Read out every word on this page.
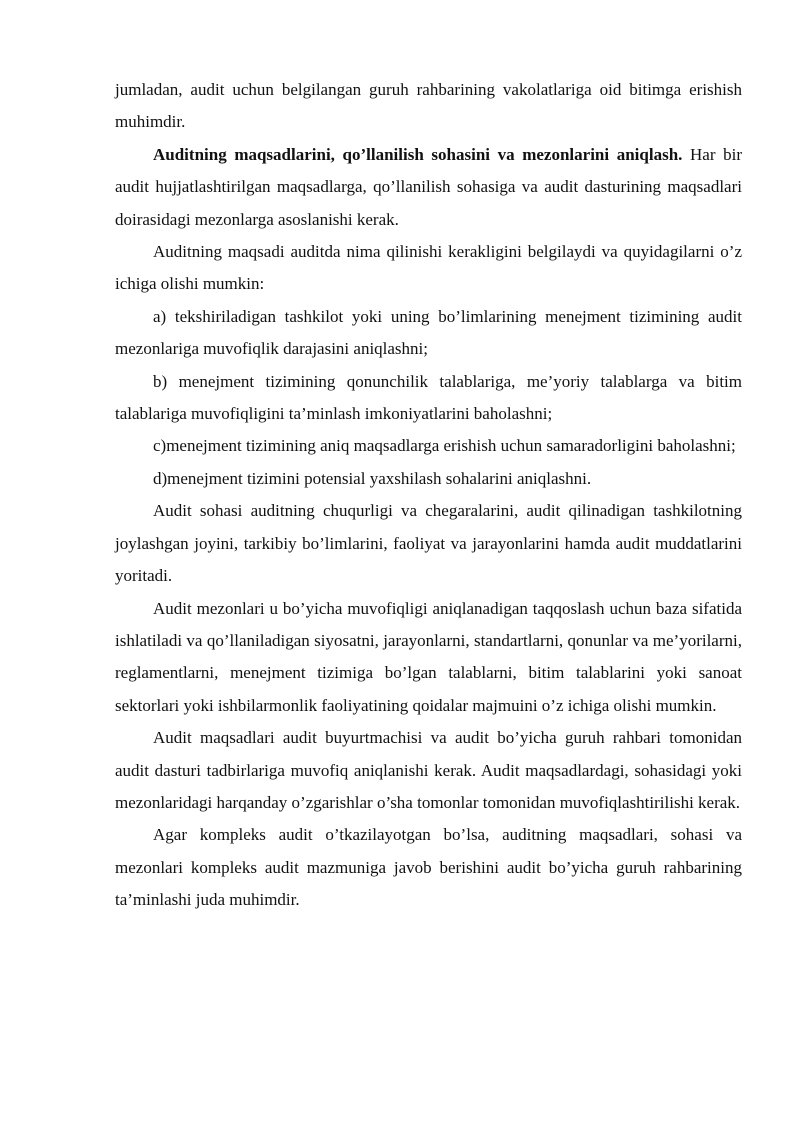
jumladan, audit uchun belgilangan guruh rahbarining vakolatlariga oid bitimga erishish muhimdir.

Auditning maqsadlarini, qo’llanilish sohasini va mezonlarini aniqlash. Har bir audit hujjatlashtirilgan maqsadlarga, qo’llanilish sohasiga va audit dasturining maqsadlari doirasidagi mezonlarga asoslanishi kerak.

Auditning maqsadi auditda nima qilinishi kerakligini belgilaydi va quyidagilarni o’z ichiga olishi mumkin:

a) tekshiriladigan tashkilot yoki uning bo’limlarining menejment tizimining audit mezonlariga muvofiqlik darajasini aniqlashni;

b) menejment tizimining qonunchilik talablariga, me’yoriy talablarga va bitim talablariga muvofiqligini ta’minlash imkoniyatlarini baholashni;

c)menejment tizimining aniq maqsadlarga erishish uchun samaradorligini baholashni;

d)menejment tizimini potensial yaxshilash sohalarini aniqlashni.

Audit sohasi auditning chuqurligi va chegaralarini, audit qilinadigan tashkilotning joylashgan joyini, tarkibiy bo’limlarini, faoliyat va jarayonlarini hamda audit muddatlarini yoritadi.

Audit mezonlari u bo’yicha muvofiqligi aniqlanadigan taqqoslash uchun baza sifatida ishlatiladi va qo’llaniladigan siyosatni, jarayonlarni, standartlarni, qonunlar va me’yorilarni, reglamentlarni, menejment tizimiga bo’lgan talablarni, bitim talablarini yoki sanoat sektorlari yoki ishbilarmonlik faoliyatining qoidalar majmuini o’z ichiga olishi mumkin.

Audit maqsadlari audit buyurtmachisi va audit bo’yicha guruh rahbari tomonidan audit dasturi tadbirlariga muvofiq aniqlanishi kerak. Audit maqsadlardagi, sohasidagi yoki mezonlaridagi harqanday o’zgarishlar o’sha tomonlar tomonidan muvofiqlashtirilishi kerak.

Agar kompleks audit o’tkazilayotgan bo’lsa, auditning maqsadlari, sohasi va mezonlari kompleks audit mazmuniga javob berishini audit bo’yicha guruh rahbarining ta’minlashi juda muhimdir.
